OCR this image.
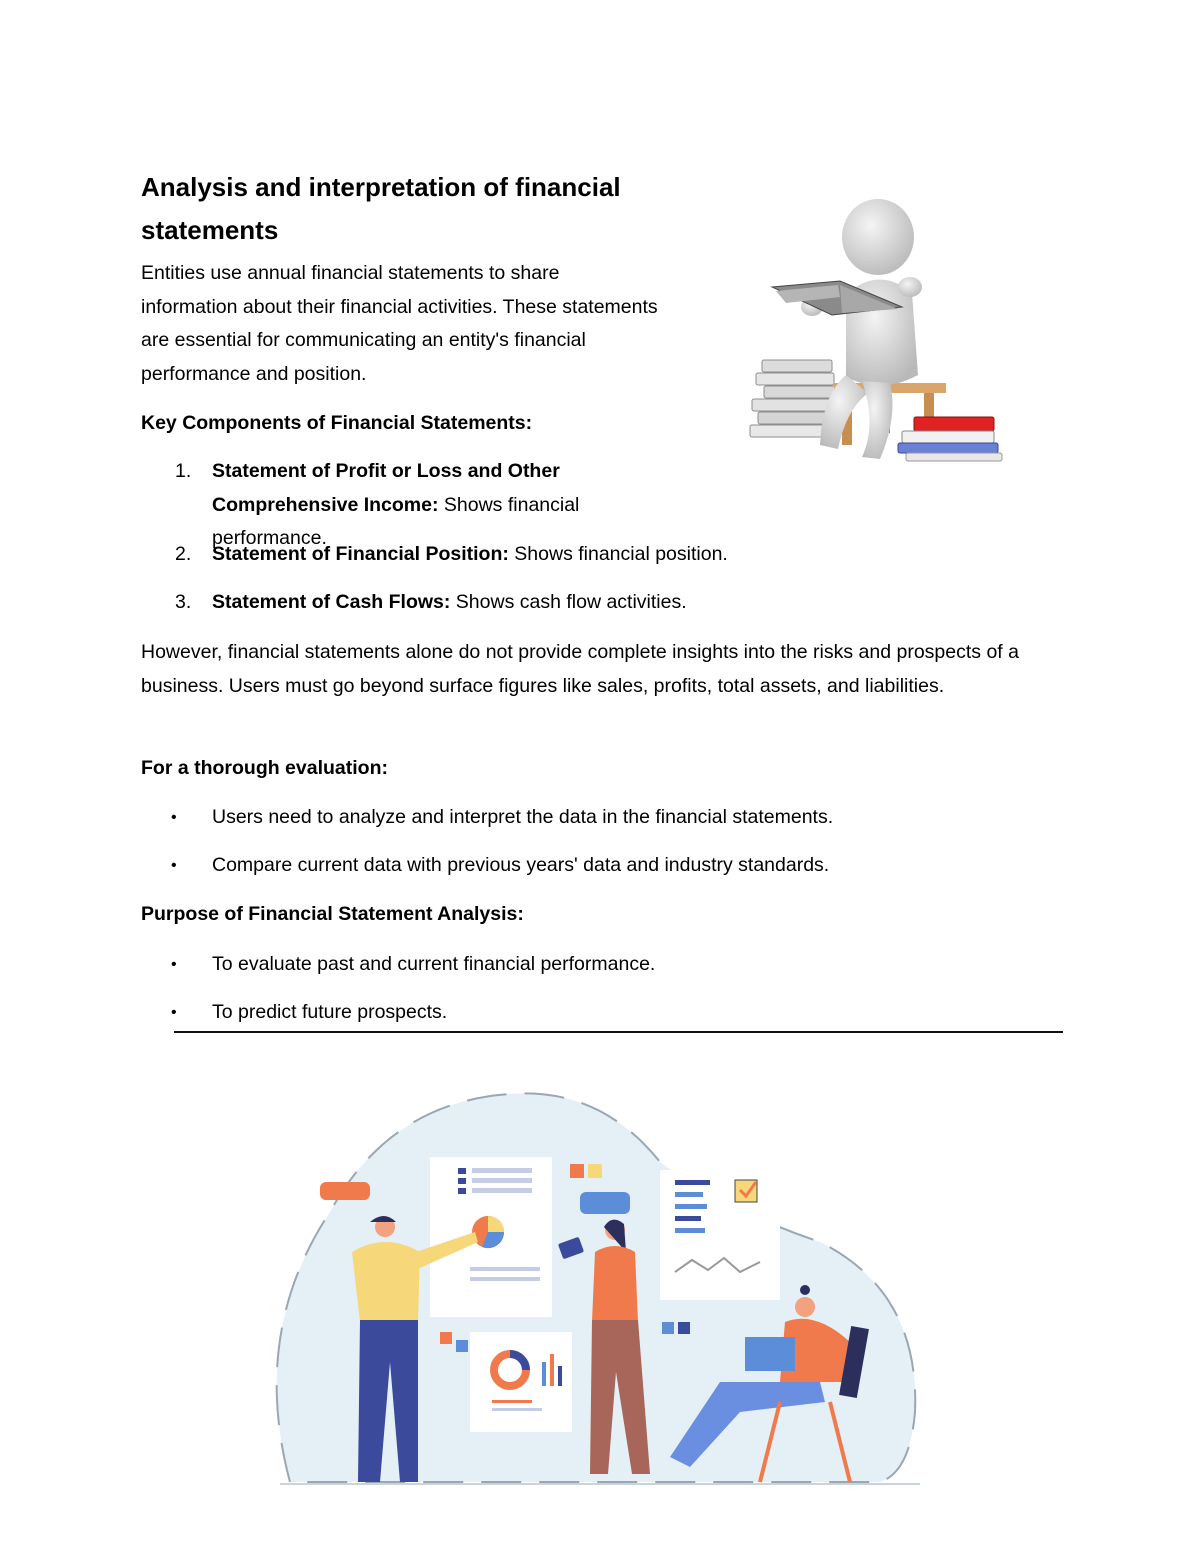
Analysis and interpretation of financial statements

Entities use annual financial statements to share information about their financial activities. These statements are essential for communicating an entity's financial performance and position.

Key Components of Financial Statements:
1.	Statement of Profit or Loss and Other Comprehensive Income: Shows financial performance.
2.	Statement of Financial Position: Shows financial position.
3.	Statement of Cash Flows: Shows cash flow activities.

However, financial statements alone do not provide complete insights into the risks and prospects of a business. Users must go beyond surface figures like sales, profits, total assets, and liabilities.

For a thorough evaluation:
• Users need to analyze and interpret the data in the financial statements.
• Compare current data with previous years' data and industry standards.
Purpose of Financial Statement Analysis:
• To evaluate past and current financial performance.
• To predict future prospects.
